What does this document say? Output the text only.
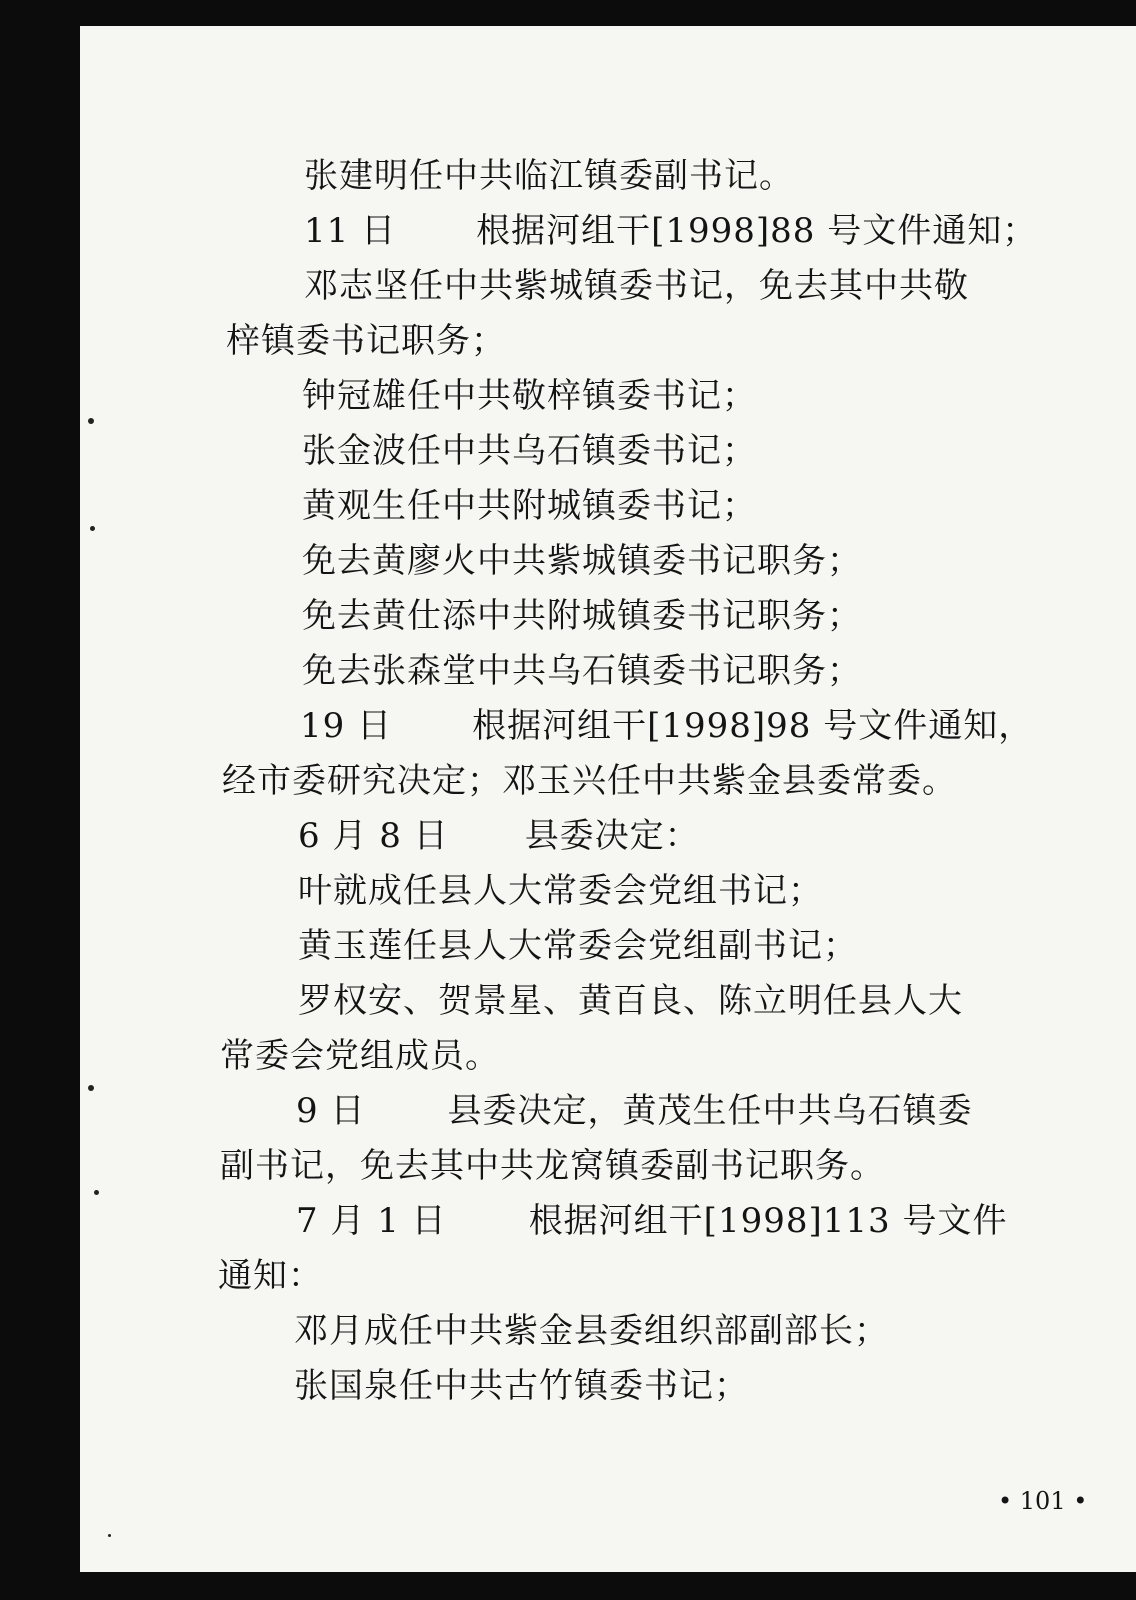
张建明任中共临江镇委副书记。
11 日 根据河组干[1998]88 号文件通知；
邓志坚任中共紫城镇委书记，免去其中共敬
梓镇委书记职务；
钟冠雄任中共敬梓镇委书记；
张金波任中共乌石镇委书记；
黄观生任中共附城镇委书记；
免去黄廖火中共紫城镇委书记职务；
免去黄仕添中共附城镇委书记职务；
免去张森堂中共乌石镇委书记职务；
19 日 根据河组干[1998]98 号文件通知，
经市委研究决定；邓玉兴任中共紫金县委常委。
6 月 8 日 县委决定：
叶就成任县人大常委会党组书记；
黄玉莲任县人大常委会党组副书记；
罗权安、贺景星、黄百良、陈立明任县人大
常委会党组成员。
9 日 县委决定，黄茂生任中共乌石镇委
副书记，免去其中共龙窝镇委副书记职务。
7 月 1 日 根据河组干[1998]113 号文件
通知：
邓月成任中共紫金县委组织部副部长；
张国泉任中共古竹镇委书记；
• 101 •
